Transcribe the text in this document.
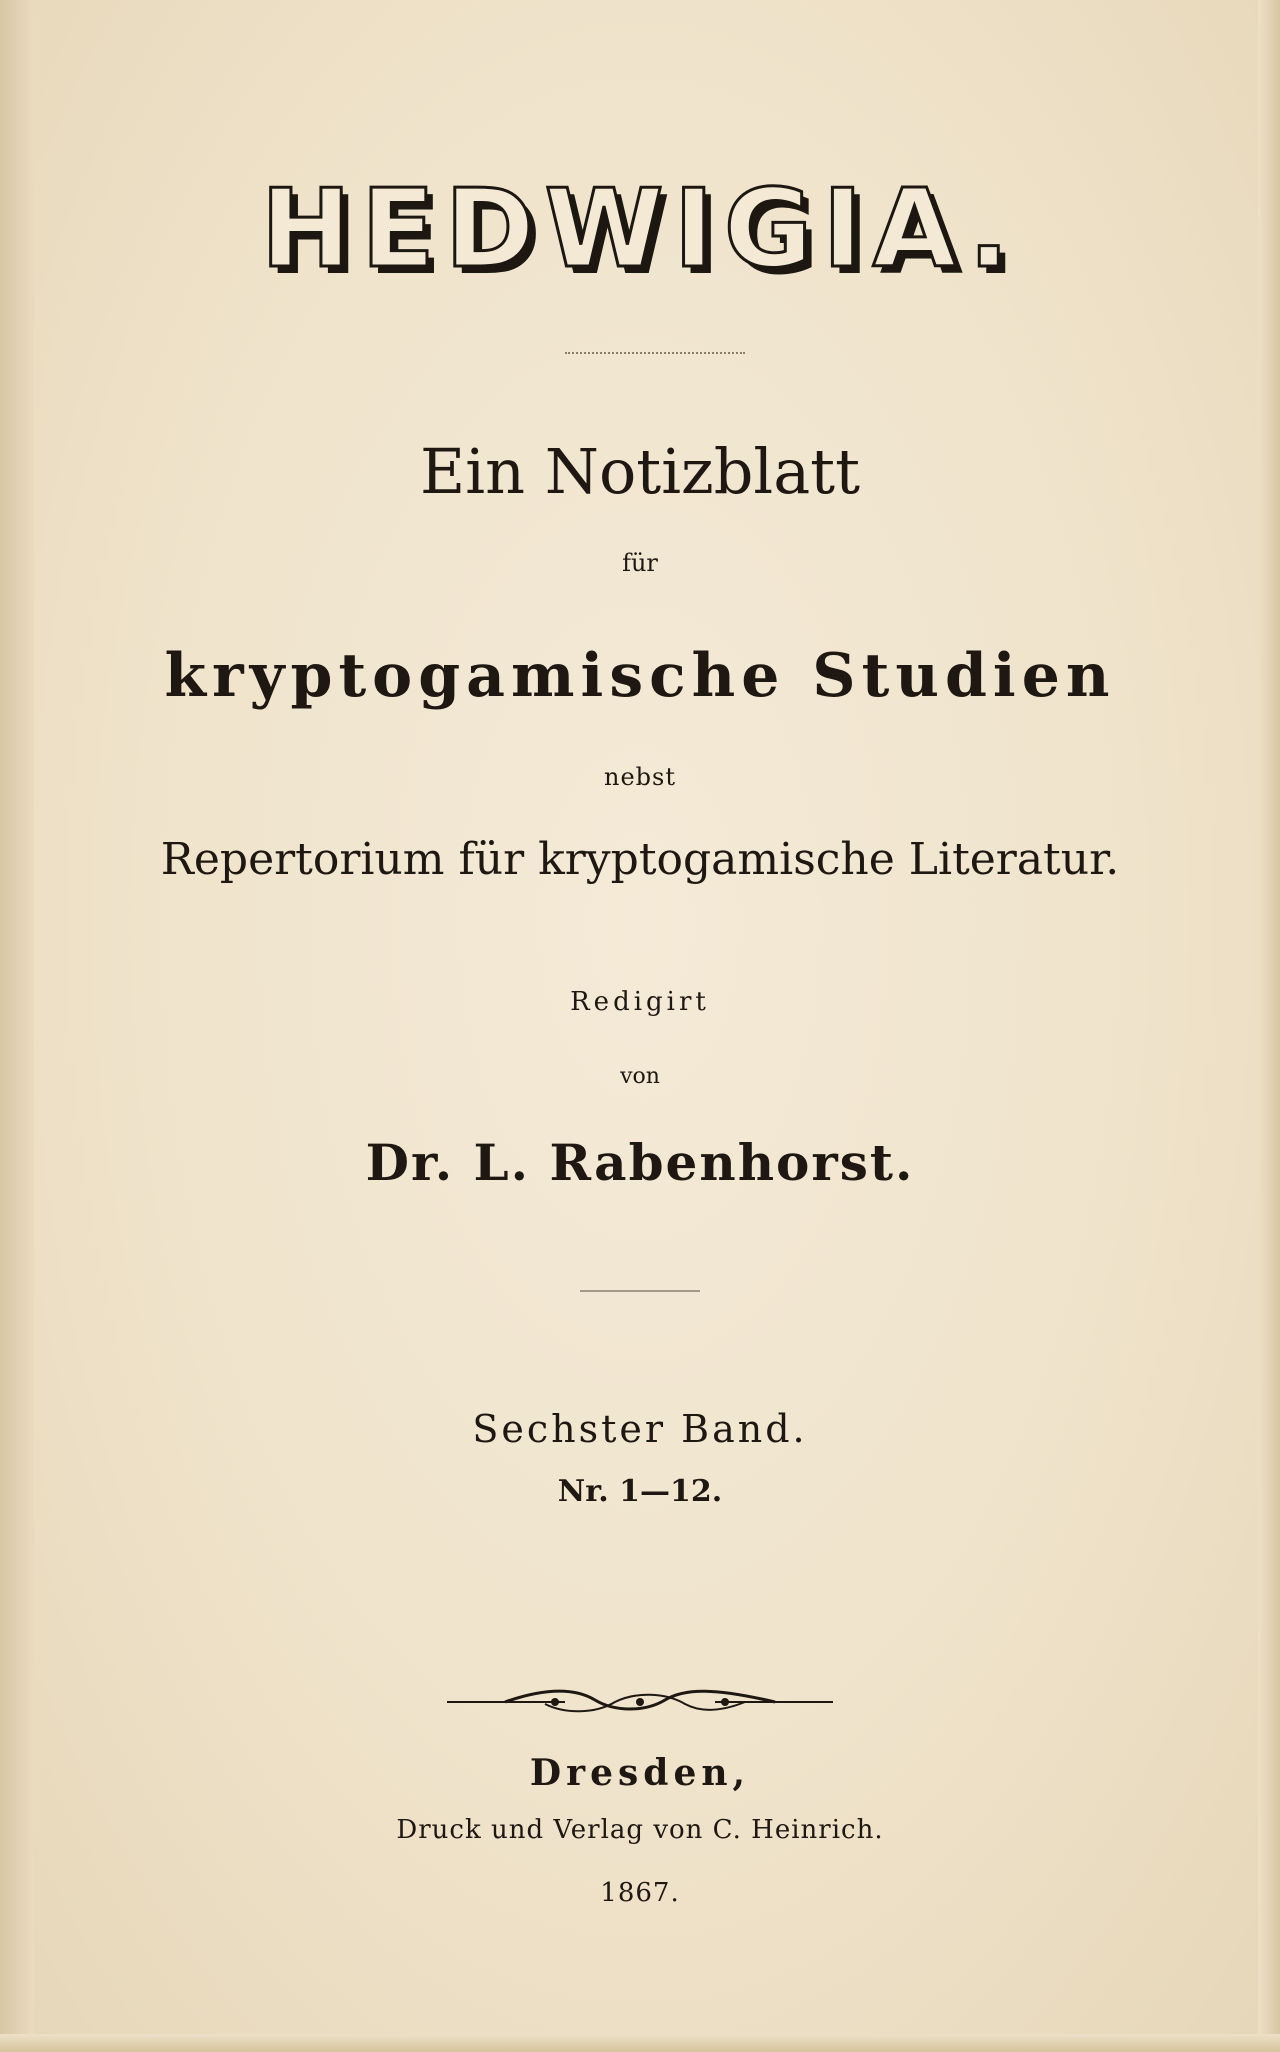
HEDWIGIA.
Ein Notizblatt
für
kryptogamische Studien
nebst
Repertorium für kryptogamische Literatur.
Redigirt
von
Dr. L. Rabenhorst.
Sechster Band.
Nr. 1—12.
Dresden,
Druck und Verlag von C. Heinrich.
1867.
